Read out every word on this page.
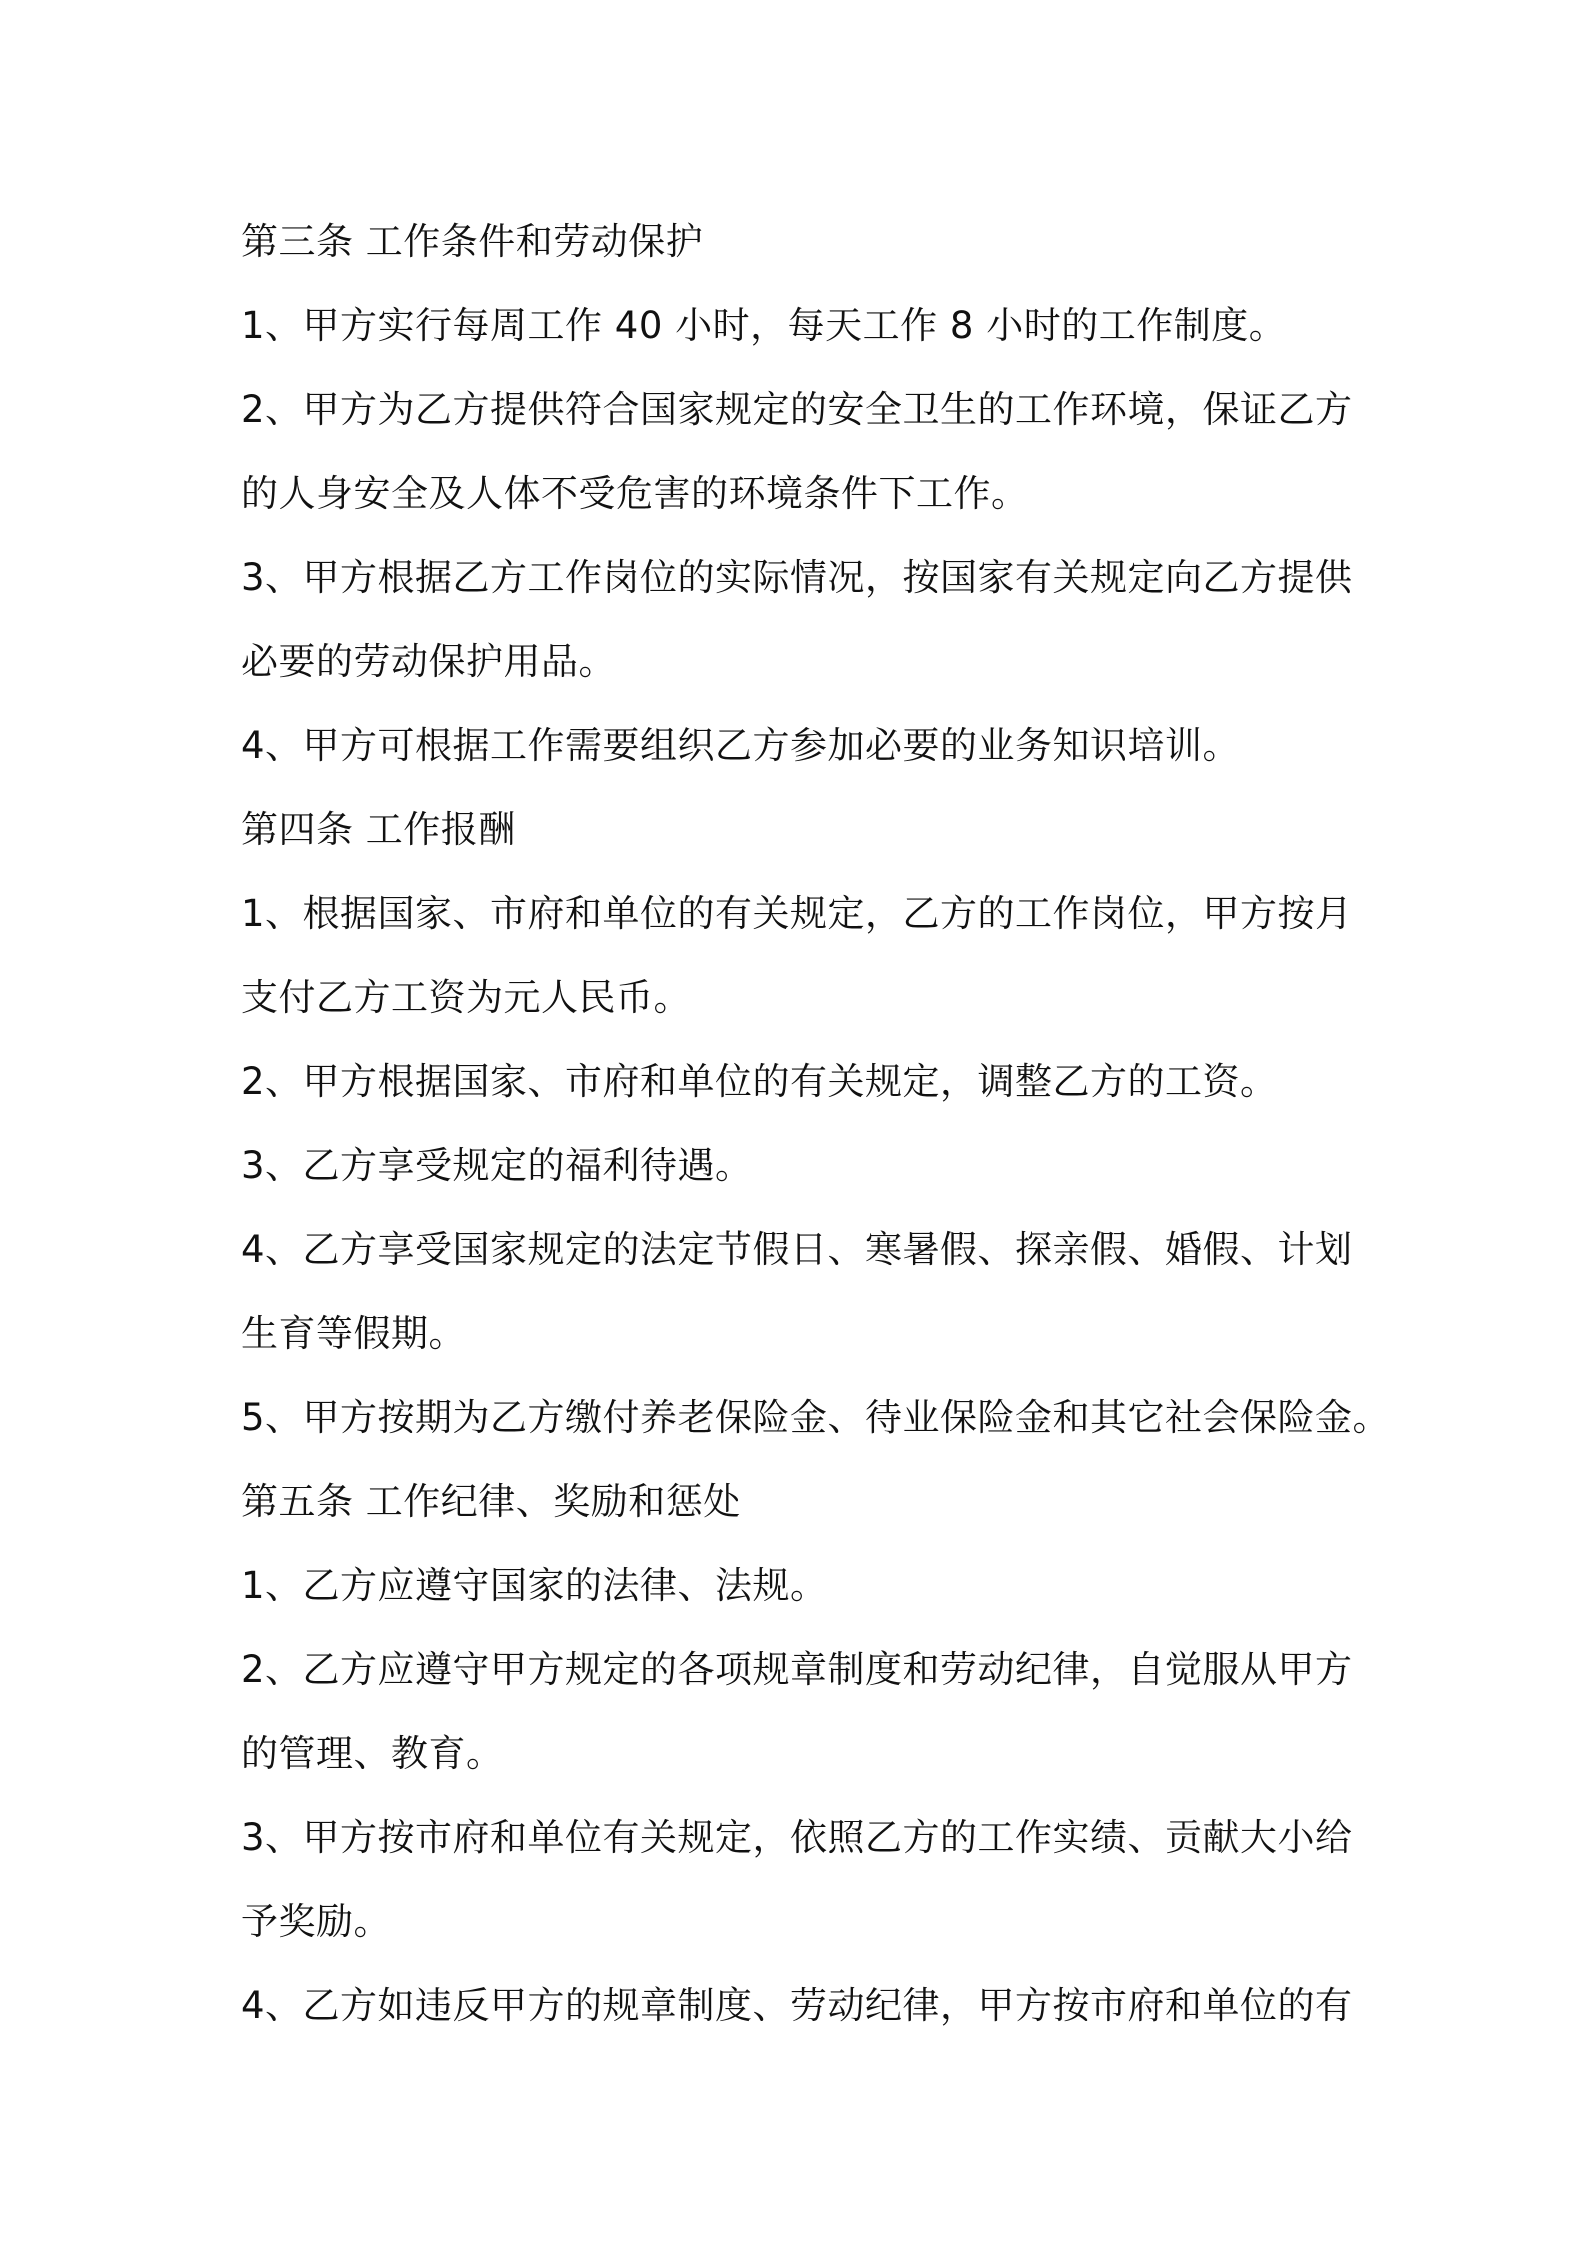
第三条 工作条件和劳动保护
1、甲方实行每周工作 40 小时，每天工作 8 小时的工作制度。
2、甲方为乙方提供符合国家规定的安全卫生的工作环境，保证乙方
的人身安全及人体不受危害的环境条件下工作。
3、甲方根据乙方工作岗位的实际情况，按国家有关规定向乙方提供
必要的劳动保护用品。
4、甲方可根据工作需要组织乙方参加必要的业务知识培训。
第四条 工作报酬
1、根据国家、市府和单位的有关规定，乙方的工作岗位，甲方按月
支付乙方工资为元人民币。
2、甲方根据国家、市府和单位的有关规定，调整乙方的工资。
3、乙方享受规定的福利待遇。
4、乙方享受国家规定的法定节假日、寒暑假、探亲假、婚假、计划
生育等假期。
5、甲方按期为乙方缴付养老保险金、待业保险金和其它社会保险金。
第五条 工作纪律、奖励和惩处
1、乙方应遵守国家的法律、法规。
2、乙方应遵守甲方规定的各项规章制度和劳动纪律，自觉服从甲方
的管理、教育。
3、甲方按市府和单位有关规定，依照乙方的工作实绩、贡献大小给
予奖励。
4、乙方如违反甲方的规章制度、劳动纪律，甲方按市府和单位的有
